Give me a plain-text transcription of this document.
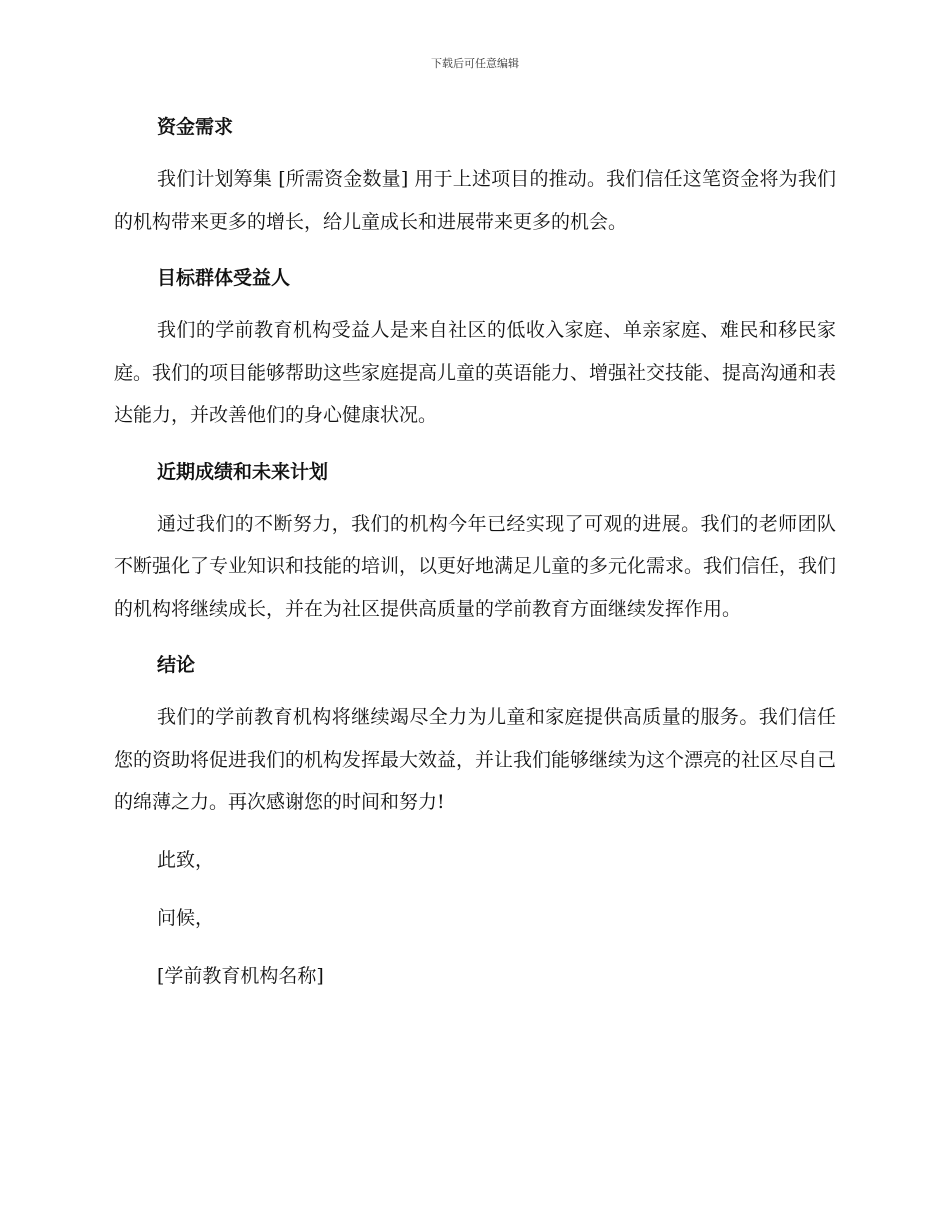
下载后可任意编辑
资金需求

我们计划筹集 [所需资金数量] 用于上述项目的推动。我们信任这笔资金将为我们的机构带来更多的增长，给儿童成长和进展带来更多的机会。

目标群体受益人

我们的学前教育机构受益人是来自社区的低收入家庭、单亲家庭、难民和移民家庭。我们的项目能够帮助这些家庭提高儿童的英语能力、增强社交技能、提高沟通和表达能力，并改善他们的身心健康状况。

近期成绩和未来计划

通过我们的不断努力，我们的机构今年已经实现了可观的进展。我们的老师团队不断强化了专业知识和技能的培训，以更好地满足儿童的多元化需求。我们信任，我们的机构将继续成长，并在为社区提供高质量的学前教育方面继续发挥作用。

结论

我们的学前教育机构将继续竭尽全力为儿童和家庭提供高质量的服务。我们信任您的资助将促进我们的机构发挥最大效益，并让我们能够继续为这个漂亮的社区尽自己的绵薄之力。再次感谢您的时间和努力!

此致，

问候，

[学前教育机构名称]
